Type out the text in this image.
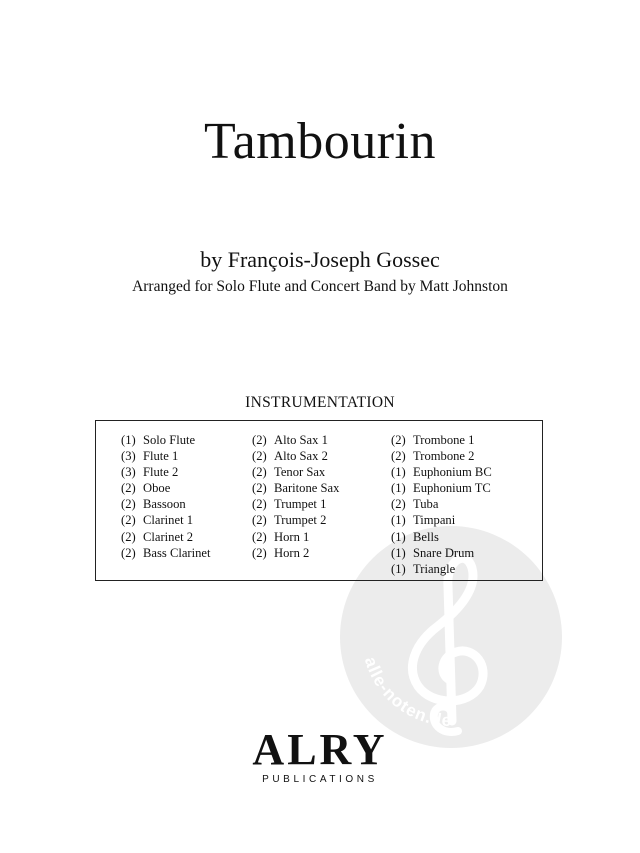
Tambourin
by François-Joseph Gossec
Arranged for Solo Flute and Concert Band by Matt Johnston
alle-noten.de
INSTRUMENTATION
(1) Solo Flute
(3) Flute 1
(3) Flute 2
(2) Oboe
(2) Bassoon
(2) Clarinet 1
(2) Clarinet 2
(2) Bass Clarinet
(2) Alto Sax 1
(2) Alto Sax 2
(2) Tenor Sax
(2) Baritone Sax
(2) Trumpet 1
(2) Trumpet 2
(2) Horn 1
(2) Horn 2
(2) Trombone 1
(2) Trombone 2
(1) Euphonium BC
(1) Euphonium TC
(2) Tuba
(1) Timpani
(1) Bells
(1) Snare Drum
(1) Triangle
ALRY
PUBLICATIONS
